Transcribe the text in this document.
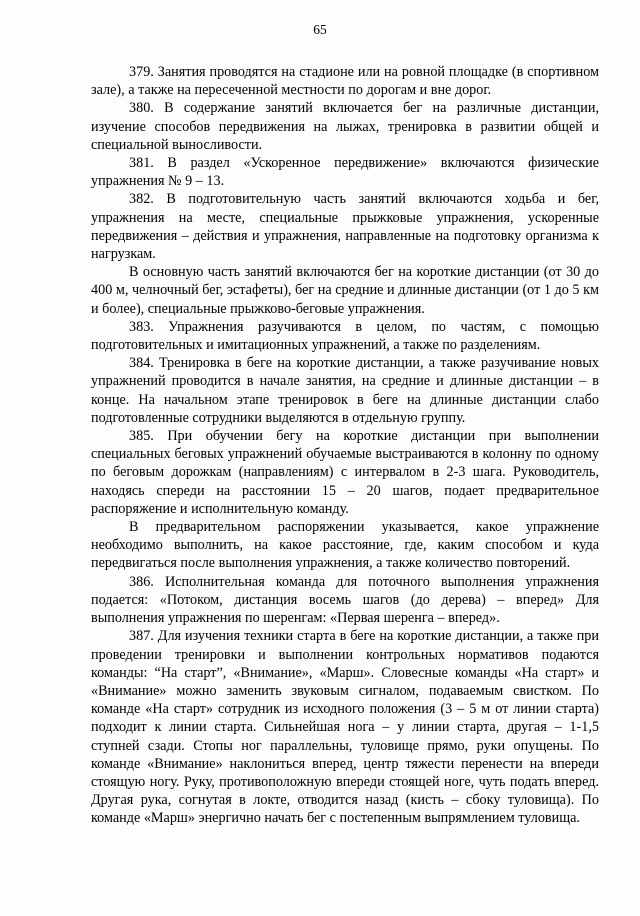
65

379. Занятия проводятся на стадионе или на ровной площадке (в спортивном зале), а также на пересеченной местности по дорогам и вне дорог.

380. В содержание занятий включается бег на различные дистанции, изучение способов передвижения на лыжах, тренировка в развитии общей и специальной выносливости.

381. В раздел «Ускоренное передвижение» включаются физические упражнения № 9 – 13.

382. В подготовительную часть занятий включаются ходьба и бег, упражнения на месте, специальные прыжковые упражнения, ускоренные передвижения – действия и упражнения, направленные на подготовку организма к нагрузкам.

В основную часть занятий включаются бег на короткие дистанции (от 30 до 400 м, челночный бег, эстафеты), бег на средние и длинные дистанции (от 1 до 5 км и более), специальные прыжково-беговые упражнения.

383. Упражнения разучиваются в целом, по частям, с помощью подготовительных и имитационных упражнений, а также по разделениям.

384. Тренировка в беге на короткие дистанции, а также разучивание новых упражнений проводится в начале занятия, на средние и длинные дистанции – в конце. На начальном этапе тренировок в беге на длинные дистанции слабо подготовленные сотрудники выделяются в отдельную группу.

385. При обучении бегу на короткие дистанции при выполнении специальных беговых упражнений обучаемые выстраиваются в колонну по одному по беговым дорожкам (направлениям) с интервалом в 2-3 шага. Руководитель, находясь спереди на расстоянии 15 – 20 шагов, подает предварительное распоряжение и исполнительную команду.

В предварительном распоряжении указывается, какое упражнение необходимо выполнить, на какое расстояние, где, каким способом и куда передвигаться после выполнения упражнения, а также количество повторений.

386. Исполнительная команда для поточного выполнения упражнения подается: «Потоком, дистанция восемь шагов (до дерева) – вперед» Для выполнения упражнения по шеренгам: «Первая шеренга – вперед».

387. Для изучения техники старта в беге на короткие дистанции, а также при проведении тренировки и выполнении контрольных нормативов подаются команды: “На старт”, «Внимание», «Марш». Словесные команды «На старт» и «Внимание» можно заменить звуковым сигналом, подаваемым свистком. По команде «На старт» сотрудник из исходного положения (3 – 5 м от линии старта) подходит к линии старта. Сильнейшая нога – у линии старта, другая – 1-1,5 ступней сзади. Стопы ног параллельны, туловище прямо, руки опущены. По команде «Внимание» наклониться вперед, центр тяжести перенести на впереди стоящую ногу. Руку, противоположную впереди стоящей ноге, чуть подать вперед. Другая рука, согнутая в локте, отводится назад (кисть – сбоку туловища). По команде «Марш» энергично начать бег с постепенным выпрямлением туловища.
